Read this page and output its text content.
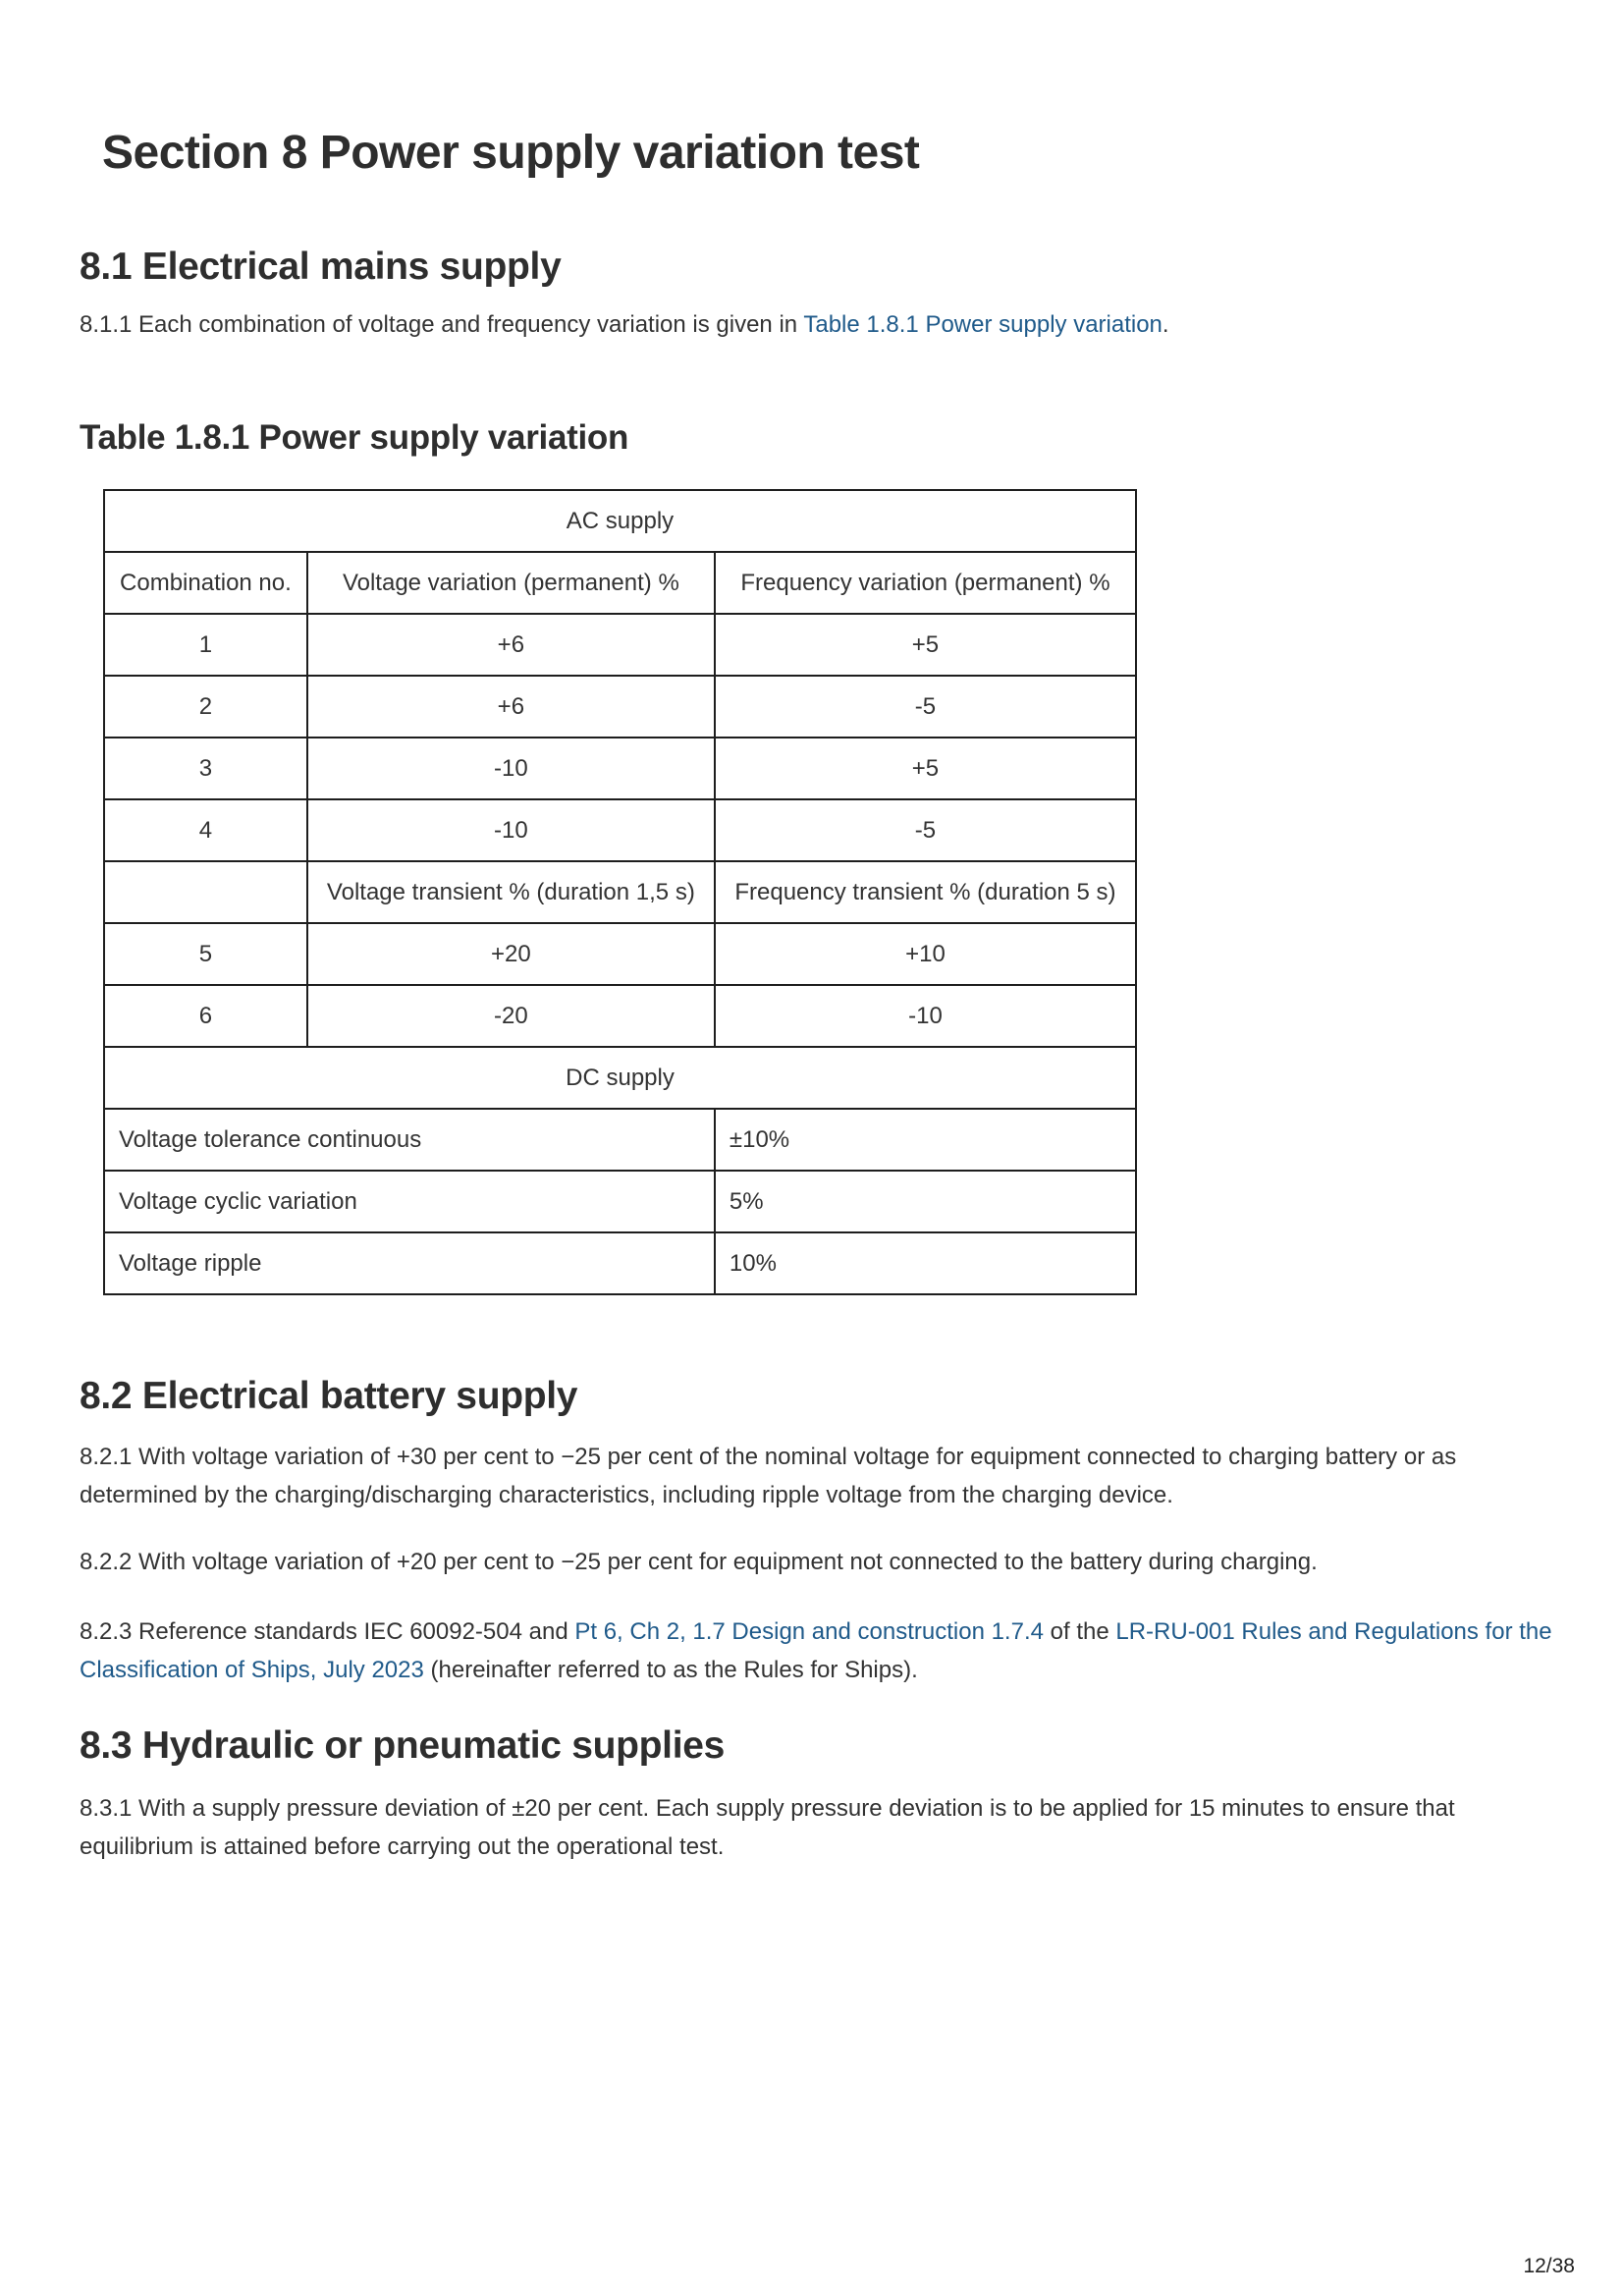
Section 8 Power supply variation test
8.1 Electrical mains supply

8.1.1 Each combination of voltage and frequency variation is given in Table 1.8.1 Power supply variation.

Table 1.8.1 Power supply variation
AC supply		
Combination no.	Voltage variation (permanent) %	Frequency variation (permanent) %
1	+6	+5
2	+6	-5
3	-10	+5
4	-10	-5
	Voltage transient % (duration 1,5 s)	Frequency transient % (duration 5 s)
5	+20	+10
6	-20	-10
DC supply		
Voltage tolerance continuous		±10%
Voltage cyclic variation		5%
Voltage ripple		10%
8.2 Electrical battery supply

8.2.1 With voltage variation of +30 per cent to −25 per cent of the nominal voltage for equipment connected to charging battery or as determined by the charging/discharging characteristics, including ripple voltage from the charging device.

8.2.2 With voltage variation of +20 per cent to −25 per cent for equipment not connected to the battery during charging.

8.2.3 Reference standards IEC 60092-504 and Pt 6, Ch 2, 1.7 Design and construction 1.7.4 of the LR-RU-001 Rules and Regulations for the Classification of Ships, July 2023 (hereinafter referred to as the Rules for Ships).

8.3 Hydraulic or pneumatic supplies

8.3.1 With a supply pressure deviation of ±20 per cent. Each supply pressure deviation is to be applied for 15 minutes to ensure that equilibrium is attained before carrying out the operational test.

12/38
